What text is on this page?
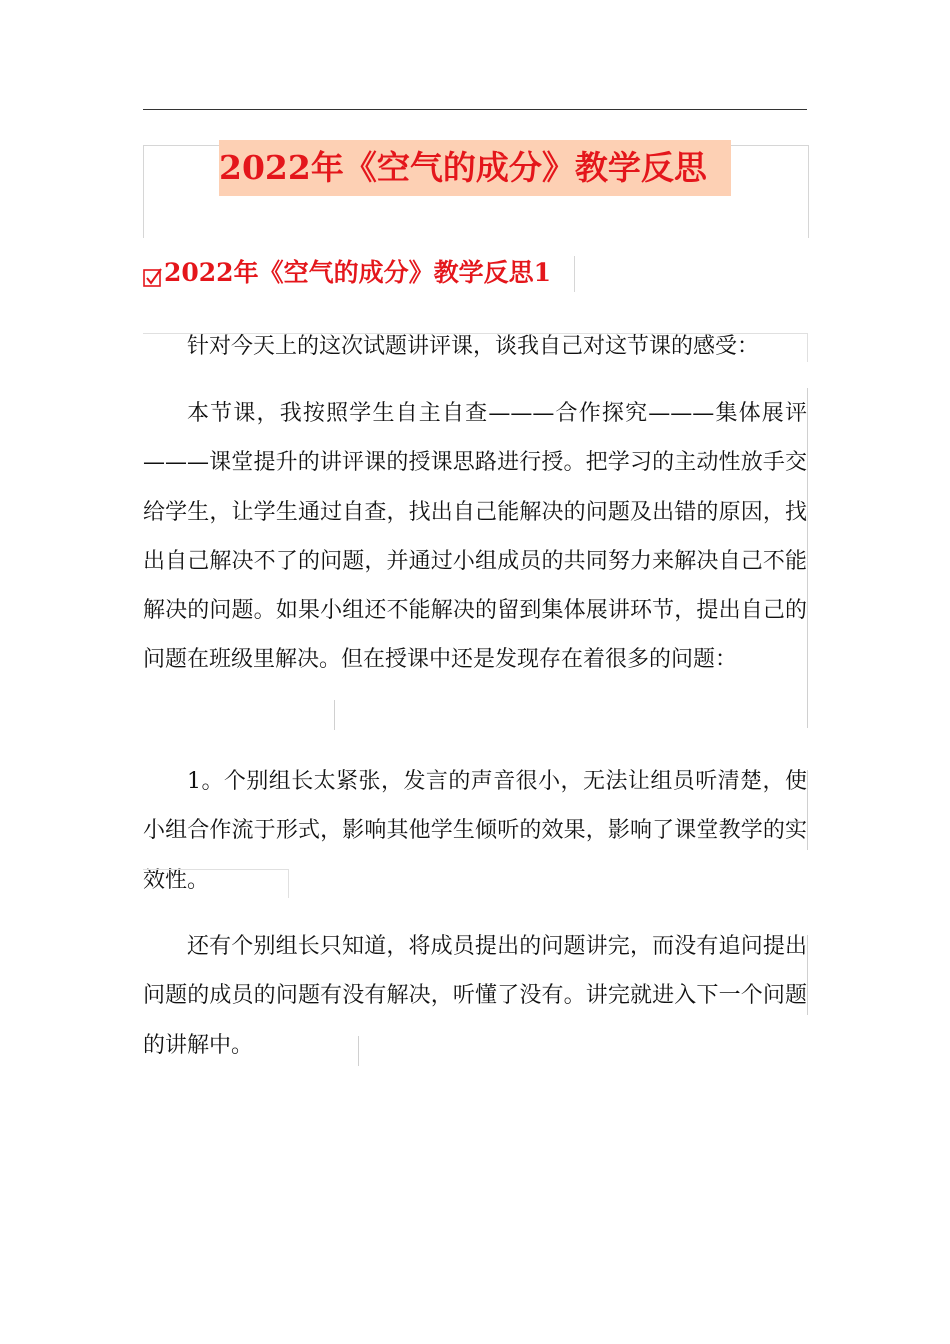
2022年《空气的成分》教学反思
2022年《空气的成分》教学反思1

针对今天上的这次试题讲评课，谈我自己对这节课的感受：

本节课，我按照学生自主自查———合作探究———集体展评———课堂提升的讲评课的授课思路进行授。把学习的主动性放手交给学生，让学生通过自查，找出自己能解决的问题及出错的原因，找出自己解决不了的问题，并通过小组成员的共同努力来解决自己不能解决的问题。如果小组还不能解决的留到集体展讲环节，提出自己的问题在班级里解决。但在授课中还是发现存在着很多的问题：

1。个别组长太紧张，发言的声音很小，无法让组员听清楚，使小组合作流于形式，影响其他学生倾听的效果，影响了课堂教学的实效性。

还有个别组长只知道，将成员提出的问题讲完，而没有追问提出问题的成员的问题有没有解决，听懂了没有。讲完就进入下一个问题的讲解中。
